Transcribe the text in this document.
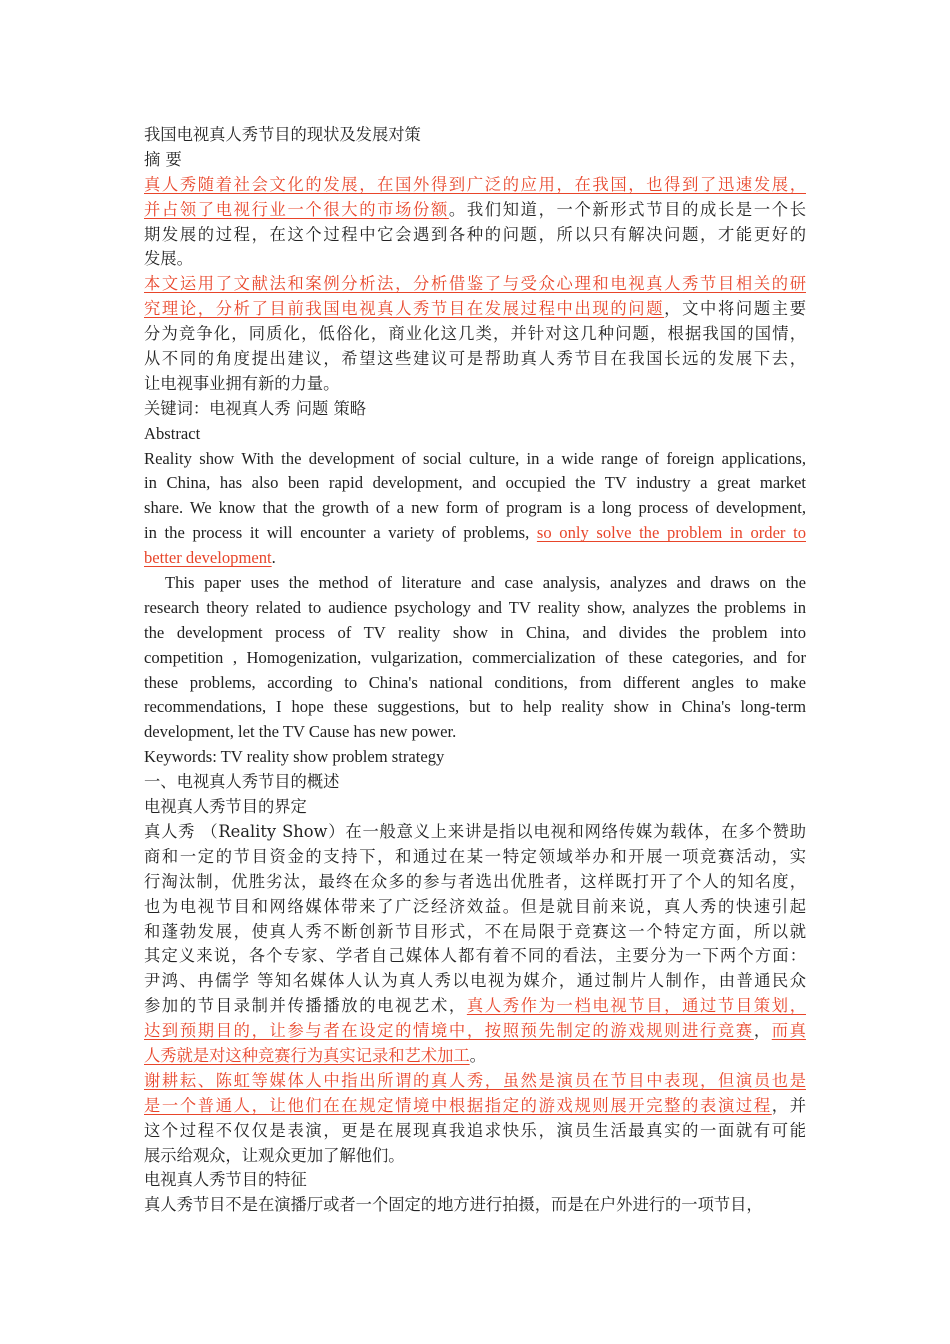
我国电视真人秀节目的现状及发展对策
摘 要
真人秀随着社会文化的发展，在国外得到广泛的应用，在我国，也得到了迅速发展，
并占领了电视行业一个很大的市场份额。我们知道，一个新形式节目的成长是一个长
期发展的过程，在这个过程中它会遇到各种的问题，所以只有解决问题，才能更好的
发展。
本文运用了文献法和案例分析法，分析借鉴了与受众心理和电视真人秀节目相关的研
究理论，分析了目前我国电视真人秀节目在发展过程中出现的问题，文中将问题主要
分为竞争化，同质化，低俗化，商业化这几类，并针对这几种问题，根据我国的国情，
从不同的角度提出建议，希望这些建议可是帮助真人秀节目在我国长远的发展下去，
让电视事业拥有新的力量。
关键词：电视真人秀 问题 策略
Abstract
Reality show With the development of social culture, in a wide range of foreign applications,
in China, has also been rapid development, and occupied the TV industry a great market
share. We know that the growth of a new form of program is a long process of development,
in the process it will encounter a variety of problems, so only solve the problem in order to
better development.
This paper uses the method of literature and case analysis, analyzes and draws on the
research theory related to audience psychology and TV reality show, analyzes the problems in
the development process of TV reality show in China, and divides the problem into
competition , Homogenization, vulgarization, commercialization of these categories, and for
these problems, according to China's national conditions, from different angles to make
recommendations, I hope these suggestions, but to help reality show in China's long-term
development, let the TV Cause has new power.
Keywords: TV reality show problem strategy
一、电视真人秀节目的概述
电视真人秀节目的界定
真人秀 （Reality Show）在一般意义上来讲是指以电视和网络传媒为载体，在多个赞助
商和一定的节目资金的支持下，和通过在某一特定领域举办和开展一项竞赛活动，实
行淘汰制，优胜劣汰，最终在众多的参与者选出优胜者，这样既打开了个人的知名度，
也为电视节目和网络媒体带来了广泛经济效益。但是就目前来说，真人秀的快速引起
和蓬勃发展，使真人秀不断创新节目形式，不在局限于竞赛这一个特定方面，所以就
其定义来说，各个专家、学者自己媒体人都有着不同的看法，主要分为一下两个方面：
尹鸿、冉儒学 等知名媒体人认为真人秀以电视为媒介，通过制片人制作，由普通民众
参加的节目录制并传播播放的电视艺术，真人秀作为一档电视节目，通过节目策划，
达到预期目的，让参与者在设定的情境中，按照预先制定的游戏规则进行竞赛，而真
人秀就是对这种竞赛行为真实记录和艺术加工。
谢耕耘、陈虹等媒体人中指出所谓的真人秀，虽然是演员在节目中表现，但演员也是
是一个普通人，让他们在在规定情境中根据指定的游戏规则展开完整的表演过程，并
这个过程不仅仅是表演，更是在展现真我追求快乐，演员生活最真实的一面就有可能
展示给观众，让观众更加了解他们。
电视真人秀节目的特征
真人秀节目不是在演播厅或者一个固定的地方进行拍摄，而是在户外进行的一项节目，
